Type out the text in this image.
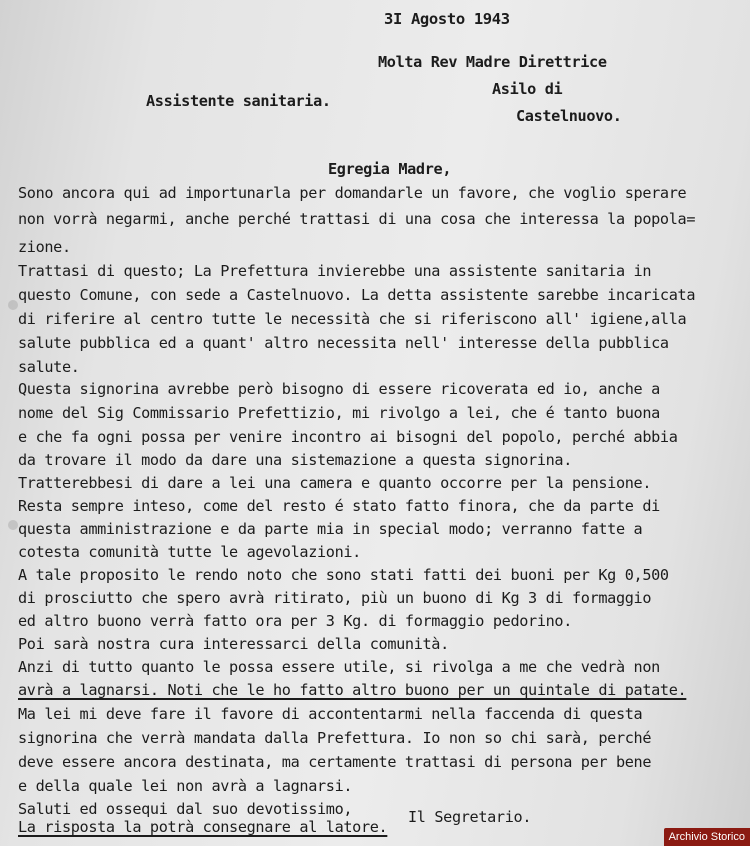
3I Agosto 1943
Molta Rev Madre Direttrice
Asilo di
Castelnuovo.
Assistente sanitaria.
Egregia Madre,
Sono ancora qui ad importunarla per domandarle un favore, che voglio sperare
non vorrà negarmi, anche perché trattasi di una cosa che interessa la popola=
zione.
Trattasi di questo; La Prefettura invierebbe una assistente sanitaria in
questo Comune, con sede a Castelnuovo. La detta assistente sarebbe incaricata
di riferire al centro tutte le necessità che si riferiscono all' igiene,alla
salute pubblica ed a quant' altro necessita nell' interesse della pubblica
salute.
Questa signorina avrebbe però bisogno di essere ricoverata ed io, anche a
nome del Sig Commissario Prefettizio, mi rivolgo a lei, che é tanto buona
e che fa ogni possa per venire incontro ai bisogni del popolo, perché abbia
da trovare il modo da dare una sistemazione a questa signorina.
Tratterebbesi di dare a lei una camera e quanto occorre per la pensione.
Resta sempre inteso, come del resto é stato fatto finora, che da parte di
questa amministrazione e da parte mia in special modo; verranno fatte a
cotesta comunità tutte le agevolazioni.
A tale proposito le rendo noto che sono stati fatti dei buoni per Kg 0,500
di prosciutto che spero avrà ritirato, più un buono di Kg 3 di formaggio
ed altro buono verrà fatto ora per 3 Kg. di formaggio pedorino.
Poi sarà nostra cura interessarci della comunità.
Anzi di tutto quanto le possa essere utile, si rivolga a me che vedrà non
avrà a lagnarsi. Noti che le ho fatto altro buono per un quintale di patate.
Ma lei mi deve fare il favore di accontentarmi nella faccenda di questa
signorina che verrà mandata dalla Prefettura. Io non so chi sarà, perché
deve essere ancora destinata, ma certamente trattasi di persona per bene
e della quale lei non avrà a lagnarsi.
Saluti ed ossequi dal suo devotissimo,
La risposta la potrà consegnare al latore.
Il Segretario.
Archivio Storico
